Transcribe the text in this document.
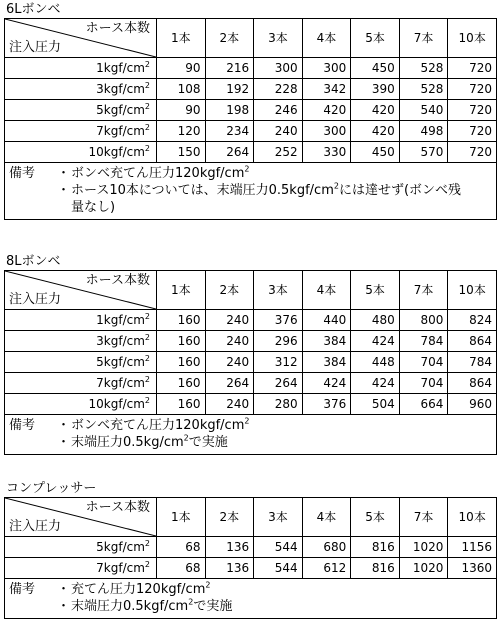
6Lボンベ
ホース本数
注入圧力	1本	2本	3本	4本	5本	7本	10本
$1kgf/cm^2$	90	216	300	300	450	528	720
$3kgf/cm^2$	108	192	228	342	390	528	720
$5kgf/cm^2$	90	198	246	420	420	540	720
$7kgf/cm^2$	120	234	240	300	420	498	720
$10kgf/cm^2$	150	264	252	330	450	570	720
備考 ・ボンベ充てん圧力$120kgf/cm^2$
・ホース10本については、末端圧力$0.5kgf/cm^2$には達せず(ボンベ残
量なし)
8Lボンベ
ホース本数
注入圧力	1本	2本	3本	4本	5本	7本	10本
$1kgf/cm^2$	160	240	376	440	480	800	824
$3kgf/cm^2$	160	240	296	384	424	784	864
$5kgf/cm^2$	160	240	312	384	448	704	784
$7kgf/cm^2$	160	264	264	424	424	704	864
$10kgf/cm^2$	160	240	280	376	504	664	960
備考 ・ボンベ充てん圧力$120kgf/cm^2$
・末端圧力$0.5kg/cm^2$で実施
コンプレッサー
ホース本数
注入圧力	1本	2本	3本	4本	5本	7本	10本
$5kgf/cm^2$	68	136	544	680	816	1020	1156
$7kgf/cm^2$	68	136	544	612	816	1020	1360
備考 ・充てん圧力$120kgf/cm^2$
・末端圧力$0.5kgf/cm^2$で実施
